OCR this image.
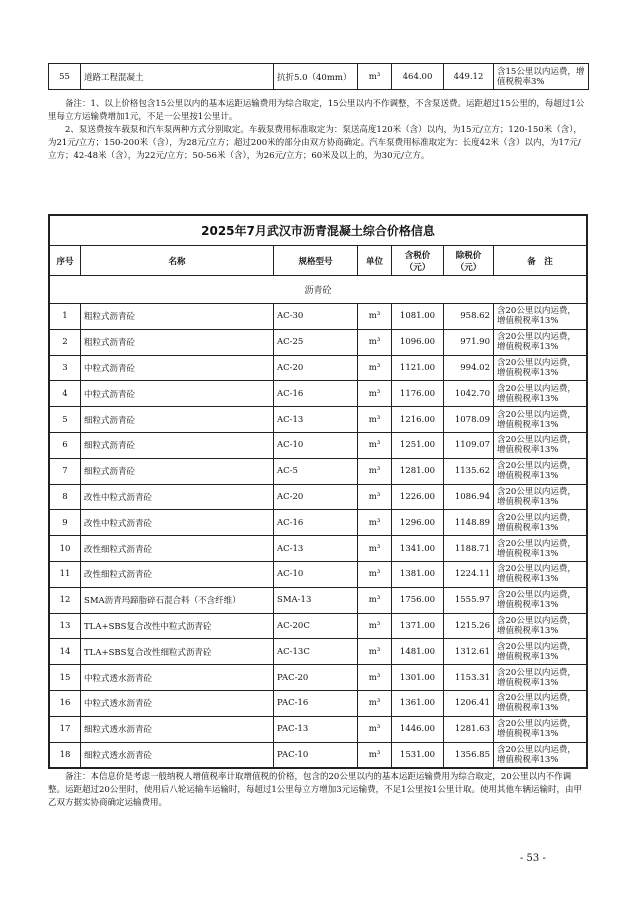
55	道路工程混凝土	抗折5.0（40mm）	m³	464.00	449.12	含15公里以内运费，增值税税率3%

备注：1、以上价格包含15公里以内的基本运距运输费用为综合取定，15公里以内不作调整，不含泵送费。运距超过15公里的，每超过1公里每立方运输费增加1元，不足一公里按1公里计。

2、泵送费按车载泵和汽车泵两种方式分别取定。车载泵费用标准取定为：泵送高度120米（含）以内，为15元/立方；120-150米（含），为21元/立方；150-200米（含），为28元/立方；超过200米的部分由双方协商确定。汽车泵费用标准取定为：长度42米（含）以内，为17元/立方；42-48米（含），为22元/立方；50-56米（含），为26元/立方；60米及以上的，为30元/立方。

2025年7月武汉市沥青混凝土综合价格信息						
序号	名称	规格型号	单位	含税价（元）	除税价（元）	备　注
沥青砼						
1	粗粒式沥青砼	AC-30	m³	1081.00	958.62	含20公里以内运费，增值税税率13%
2	粗粒式沥青砼	AC-25	m³	1096.00	971.90	含20公里以内运费，增值税税率13%
3	中粒式沥青砼	AC-20	m³	1121.00	994.02	含20公里以内运费，增值税税率13%
4	中粒式沥青砼	AC-16	m³	1176.00	1042.70	含20公里以内运费，增值税税率13%
5	细粒式沥青砼	AC-13	m³	1216.00	1078.09	含20公里以内运费，增值税税率13%
6	细粒式沥青砼	AC-10	m³	1251.00	1109.07	含20公里以内运费，增值税税率13%
7	细粒式沥青砼	AC-5	m³	1281.00	1135.62	含20公里以内运费，增值税税率13%
8	改性中粒式沥青砼	AC-20	m³	1226.00	1086.94	含20公里以内运费，增值税税率13%
9	改性中粒式沥青砼	AC-16	m³	1296.00	1148.89	含20公里以内运费，增值税税率13%
10	改性细粒式沥青砼	AC-13	m³	1341.00	1188.71	含20公里以内运费，增值税税率13%
11	改性细粒式沥青砼	AC-10	m³	1381.00	1224.11	含20公里以内运费，增值税税率13%
12	SMA沥青玛蹄脂碎石混合料（不含纤维）	SMA-13	m³	1756.00	1555.97	含20公里以内运费，增值税税率13%
13	TLA+SBS复合改性中粒式沥青砼	AC-20C	m³	1371.00	1215.26	含20公里以内运费，增值税税率13%
14	TLA+SBS复合改性细粒式沥青砼	AC-13C	m³	1481.00	1312.61	含20公里以内运费，增值税税率13%
15	中粒式透水沥青砼	PAC-20	m³	1301.00	1153.31	含20公里以内运费，增值税税率13%
16	中粒式透水沥青砼	PAC-16	m³	1361.00	1206.41	含20公里以内运费，增值税税率13%
17	细粒式透水沥青砼	PAC-13	m³	1446.00	1281.63	含20公里以内运费，增值税税率13%
18	细粒式透水沥青砼	PAC-10	m³	1531.00	1356.85	含20公里以内运费，增值税税率13%

备注：本信息价是考虑一般纳税人增值税率计取增值税的价格，包含的20公里以内的基本运距运输费用为综合取定，20公里以内不作调整。运距超过20公里时，使用后八轮运输车运输时，每超过1公里每立方增加3元运输费，不足1公里按1公里计取。使用其他车辆运输时，由甲乙双方据实协商确定运输费用。

- 53 -
